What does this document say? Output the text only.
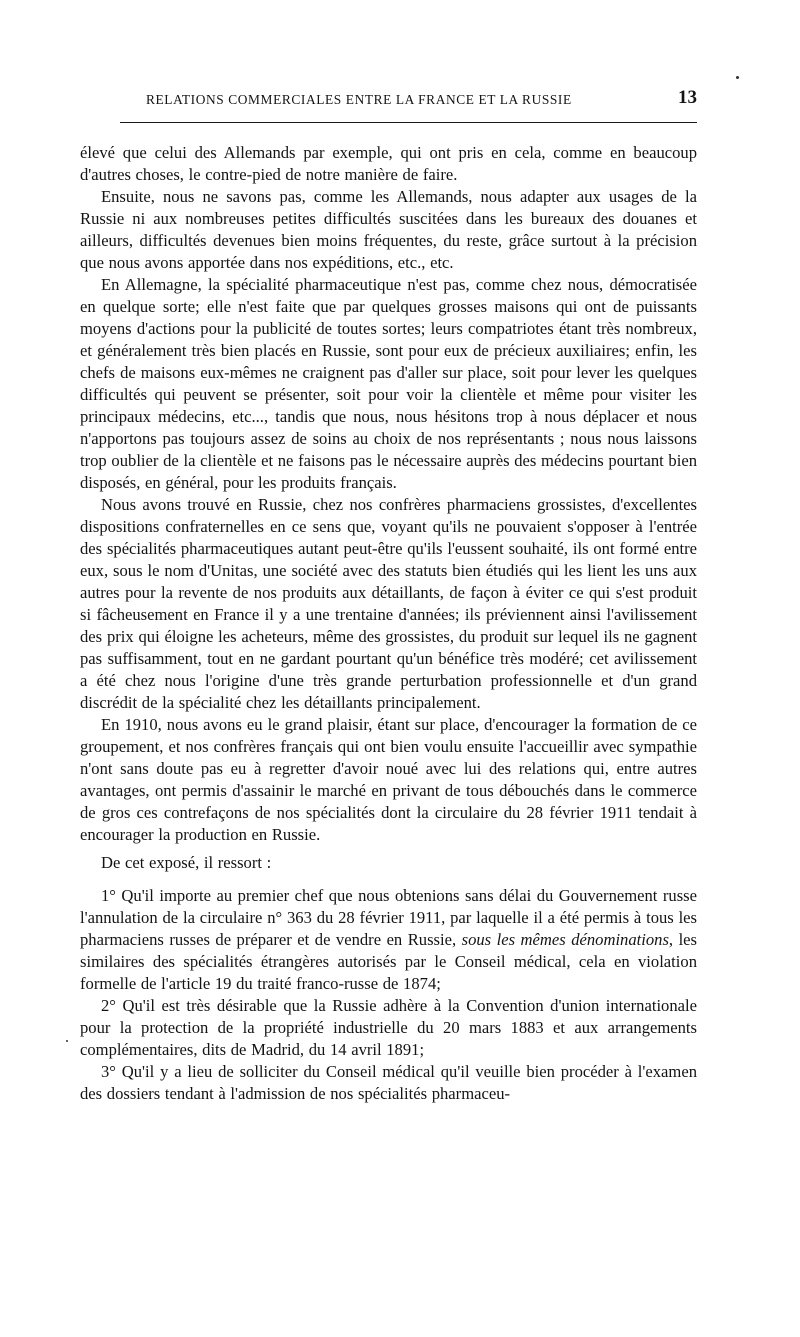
RELATIONS COMMERCIALES ENTRE LA FRANCE ET LA RUSSIE	13

élevé que celui des Allemands par exemple, qui ont pris en cela, comme en beaucoup d'autres choses, le contre-pied de notre manière de faire.

Ensuite, nous ne savons pas, comme les Allemands, nous adapter aux usages de la Russie ni aux nombreuses petites difficultés suscitées dans les bureaux des douanes et ailleurs, difficultés devenues bien moins fréquentes, du reste, grâce surtout à la précision que nous avons apportée dans nos expéditions, etc., etc.

En Allemagne, la spécialité pharmaceutique n'est pas, comme chez nous, démocratisée en quelque sorte; elle n'est faite que par quelques grosses maisons qui ont de puissants moyens d'actions pour la publicité de toutes sortes; leurs compatriotes étant très nombreux, et généralement très bien placés en Russie, sont pour eux de précieux auxiliaires; enfin, les chefs de maisons eux-mêmes ne craignent pas d'aller sur place, soit pour lever les quelques difficultés qui peuvent se présenter, soit pour voir la clientèle et même pour visiter les principaux médecins, etc..., tandis que nous, nous hésitons trop à nous déplacer et nous n'apportons pas toujours assez de soins au choix de nos représentants ; nous nous laissons trop oublier de la clientèle et ne faisons pas le nécessaire auprès des médecins pourtant bien disposés, en général, pour les produits français.

Nous avons trouvé en Russie, chez nos confrères pharmaciens grossistes, d'excellentes dispositions confraternelles en ce sens que, voyant qu'ils ne pouvaient s'opposer à l'entrée des spécialités pharmaceutiques autant peut-être qu'ils l'eussent souhaité, ils ont formé entre eux, sous le nom d'Unitas, une société avec des statuts bien étudiés qui les lient les uns aux autres pour la revente de nos produits aux détaillants, de façon à éviter ce qui s'est produit si fâcheusement en France il y a une trentaine d'années; ils préviennent ainsi l'avilissement des prix qui éloigne les acheteurs, même des grossistes, du produit sur lequel ils ne gagnent pas suffisamment, tout en ne gardant pourtant qu'un bénéfice très modéré; cet avilissement a été chez nous l'origine d'une très grande perturbation professionnelle et d'un grand discrédit de la spécialité chez les détaillants principalement.

En 1910, nous avons eu le grand plaisir, étant sur place, d'encourager la formation de ce groupement, et nos confrères français qui ont bien voulu ensuite l'accueillir avec sympathie n'ont sans doute pas eu à regretter d'avoir noué avec lui des relations qui, entre autres avantages, ont permis d'assainir le marché en privant de tous débouchés dans le commerce de gros ces contrefaçons de nos spécialités dont la circulaire du 28 février 1911 tendait à encourager la production en Russie.

De cet exposé, il ressort :

1° Qu'il importe au premier chef que nous obtenions sans délai du Gouvernement russe l'annulation de la circulaire n° 363 du 28 février 1911, par laquelle il a été permis à tous les pharmaciens russes de préparer et de vendre en Russie, sous les mêmes dénominations, les similaires des spécialités étrangères autorisés par le Conseil médical, cela en violation formelle de l'article 19 du traité franco-russe de 1874;

2° Qu'il est très désirable que la Russie adhère à la Convention d'union internationale pour la protection de la propriété industrielle du 20 mars 1883 et aux arrangements complémentaires, dits de Madrid, du 14 avril 1891;

3° Qu'il y a lieu de solliciter du Conseil médical qu'il veuille bien procéder à l'examen des dossiers tendant à l'admission de nos spécialités pharmaceu-
